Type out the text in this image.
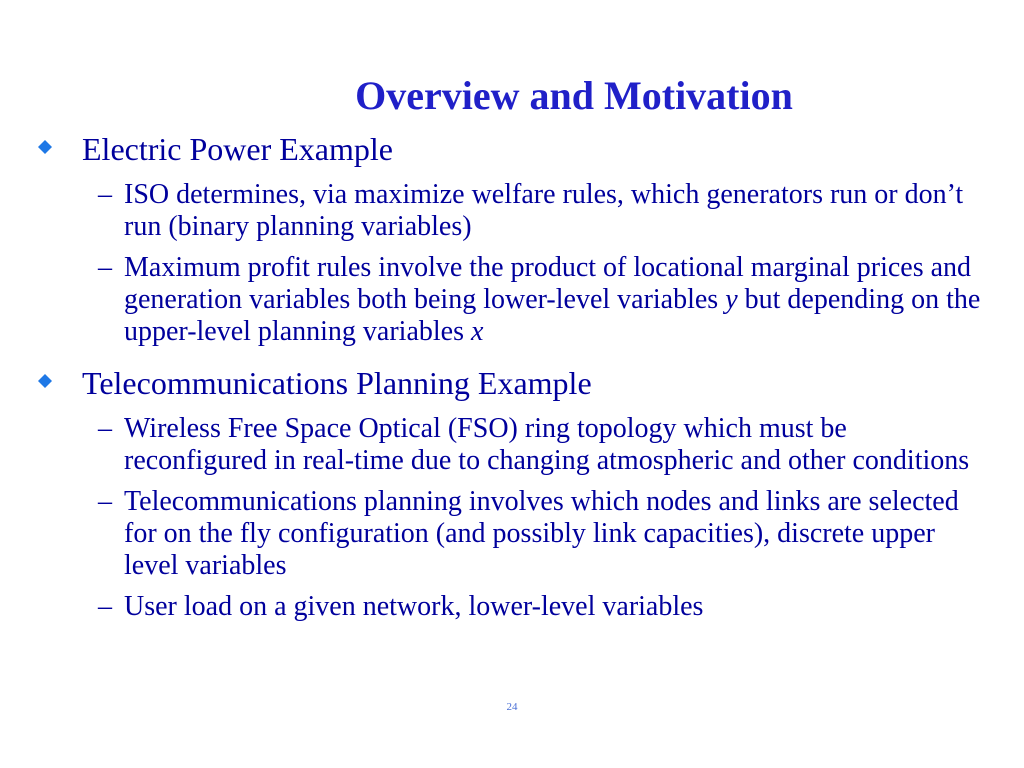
Overview and Motivation
Electric Power Example
– ISO determines, via maximize welfare rules, which generators run or don’t run (binary planning variables)
– Maximum profit rules involve the product of locational marginal prices and generation variables both being lower-level variables y but depending on the upper-level planning variables x
Telecommunications Planning Example
– Wireless Free Space Optical (FSO) ring topology which must be reconfigured in real-time due to changing atmospheric and other conditions
– Telecommunications planning involves which nodes and links are selected for on the fly configuration (and possibly link capacities), discrete upper level variables
– User load on a given network, lower-level variables
24
